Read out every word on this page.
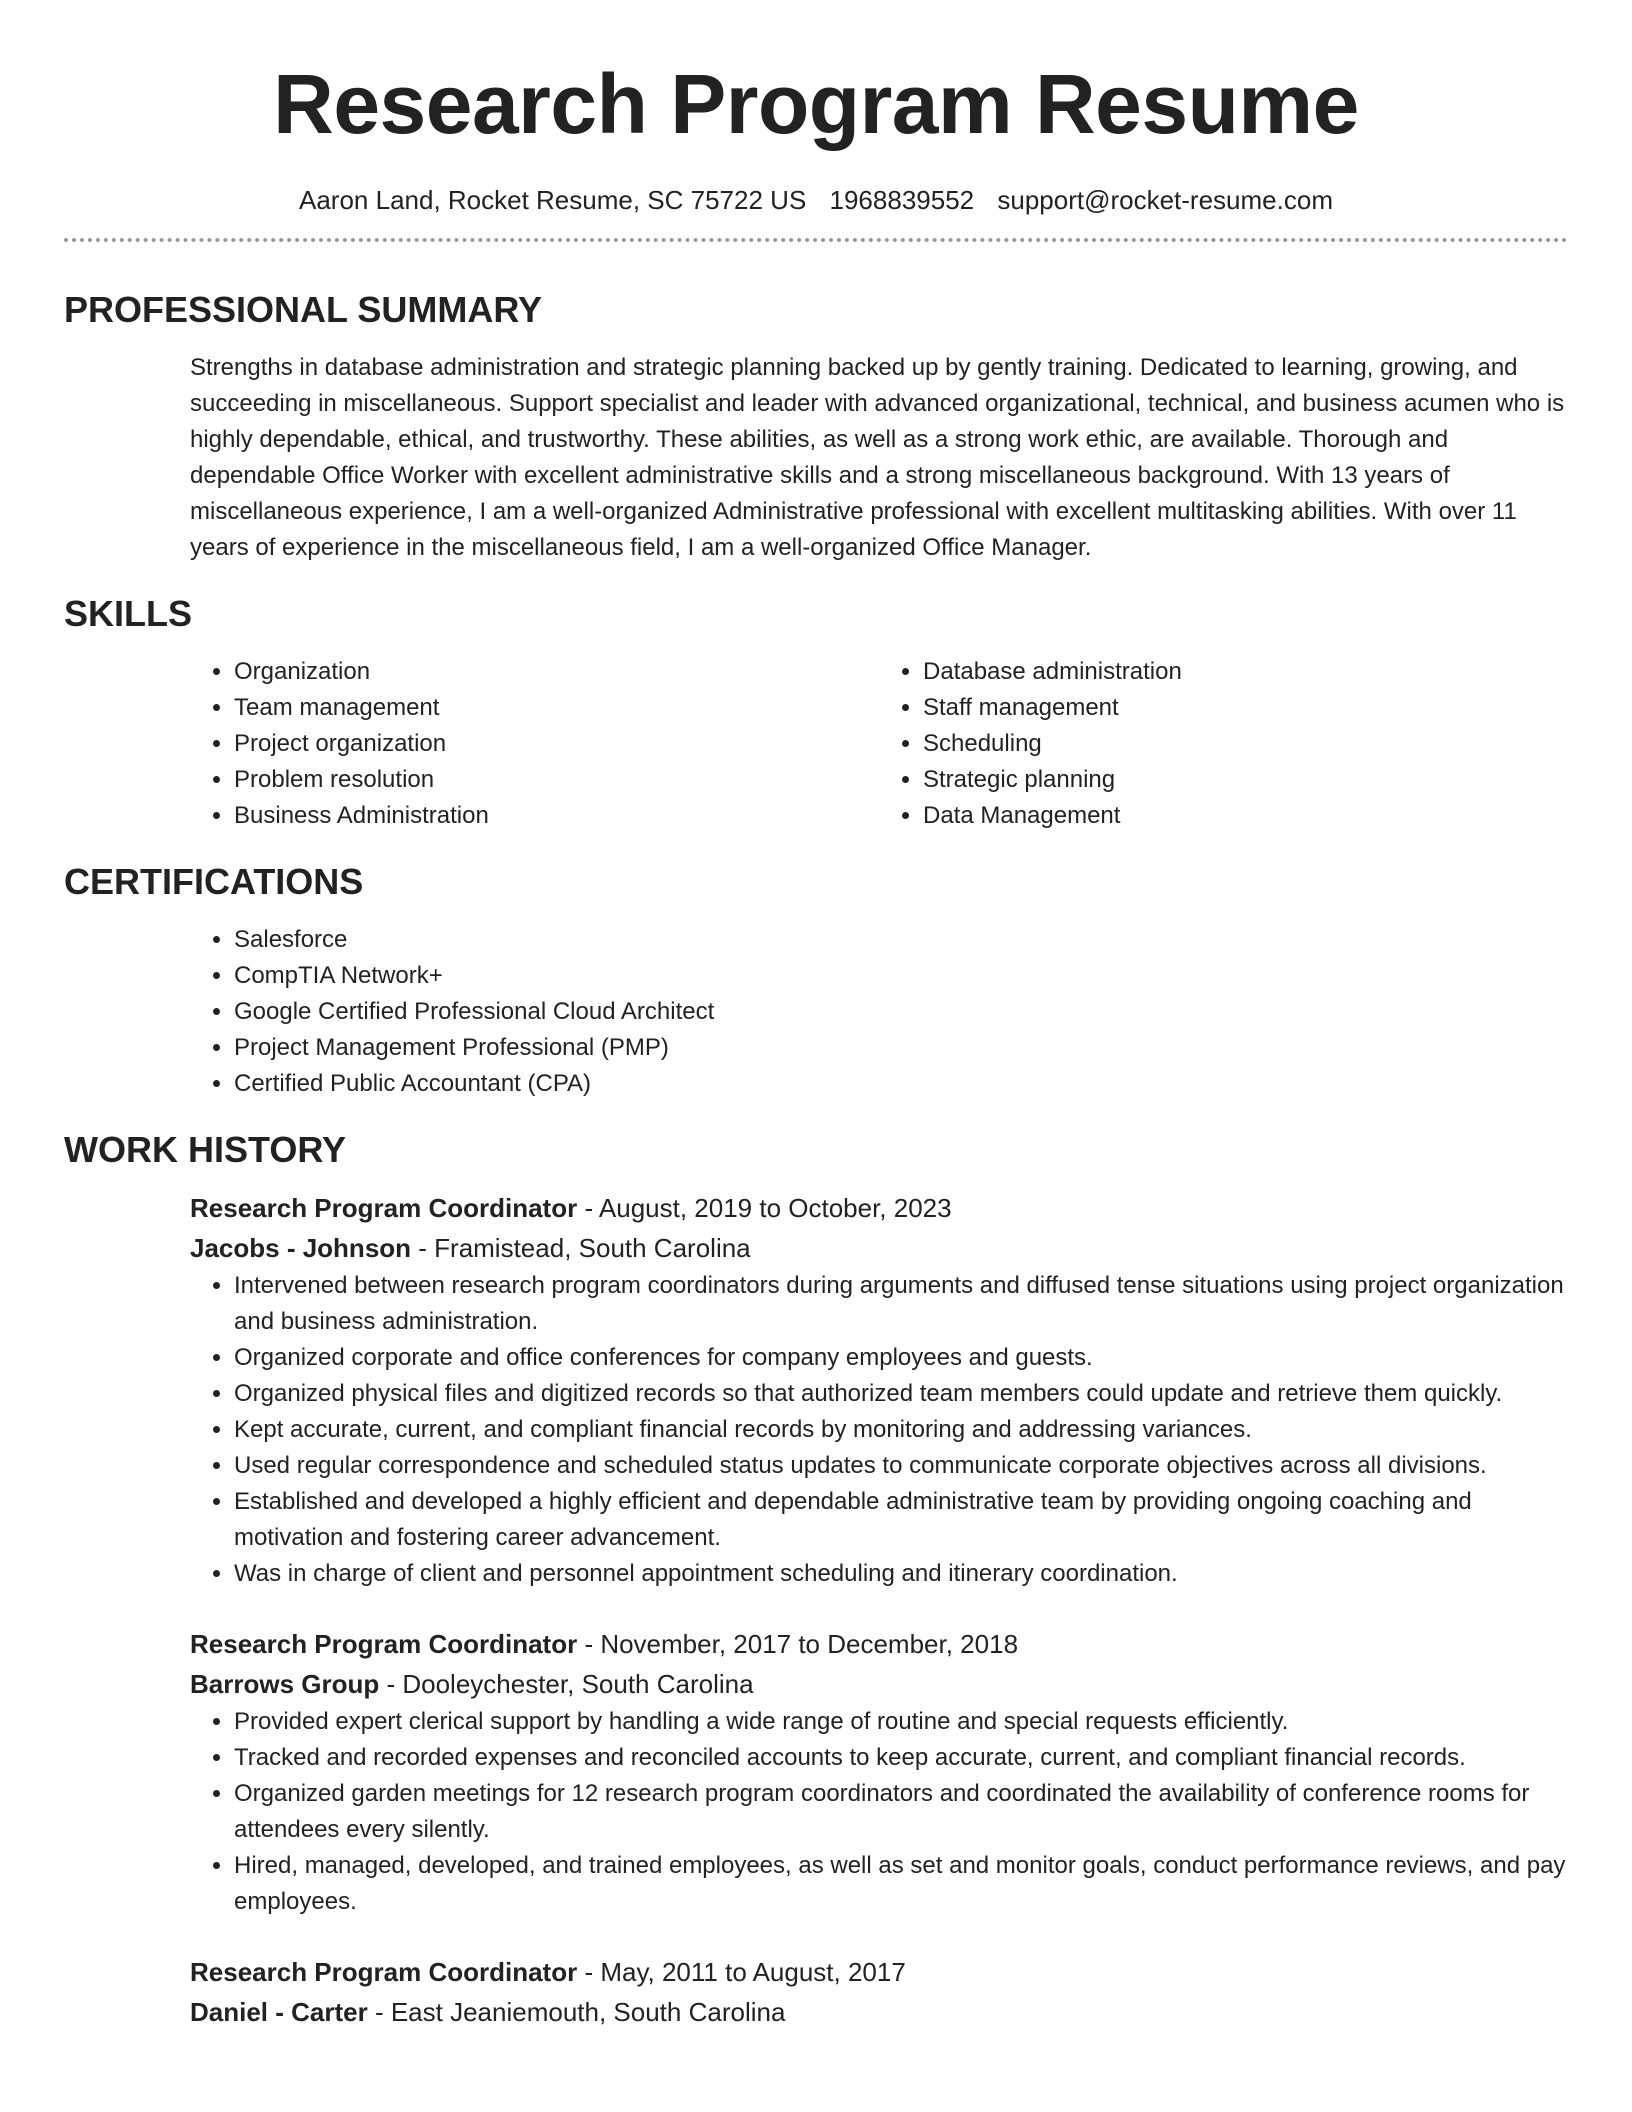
Research Program Resume
Aaron Land, Rocket Resume, SC 75722 US 1968839552 support@rocket-resume.com
PROFESSIONAL SUMMARY
Strengths in database administration and strategic planning backed up by gently training. Dedicated to learning, growing, and succeeding in miscellaneous. Support specialist and leader with advanced organizational, technical, and business acumen who is highly dependable, ethical, and trustworthy. These abilities, as well as a strong work ethic, are available. Thorough and dependable Office Worker with excellent administrative skills and a strong miscellaneous background. With 13 years of miscellaneous experience, I am a well-organized Administrative professional with excellent multitasking abilities. With over 11 years of experience in the miscellaneous field, I am a well-organized Office Manager.
SKILLS
• Organization
• Team management
• Project organization
• Problem resolution
• Business Administration
• Database administration
• Staff management
• Scheduling
• Strategic planning
• Data Management
CERTIFICATIONS
• Salesforce
• CompTIA Network+
• Google Certified Professional Cloud Architect
• Project Management Professional (PMP)
• Certified Public Accountant (CPA)
WORK HISTORY
Research Program Coordinator - August, 2019 to October, 2023
Jacobs - Johnson - Framistead, South Carolina
• Intervened between research program coordinators during arguments and diffused tense situations using project organization and business administration.
• Organized corporate and office conferences for company employees and guests.
• Organized physical files and digitized records so that authorized team members could update and retrieve them quickly.
• Kept accurate, current, and compliant financial records by monitoring and addressing variances.
• Used regular correspondence and scheduled status updates to communicate corporate objectives across all divisions.
• Established and developed a highly efficient and dependable administrative team by providing ongoing coaching and motivation and fostering career advancement.
• Was in charge of client and personnel appointment scheduling and itinerary coordination.
Research Program Coordinator - November, 2017 to December, 2018
Barrows Group - Dooleychester, South Carolina
• Provided expert clerical support by handling a wide range of routine and special requests efficiently.
• Tracked and recorded expenses and reconciled accounts to keep accurate, current, and compliant financial records.
• Organized garden meetings for 12 research program coordinators and coordinated the availability of conference rooms for attendees every silently.
• Hired, managed, developed, and trained employees, as well as set and monitor goals, conduct performance reviews, and pay employees.
Research Program Coordinator - May, 2011 to August, 2017
Daniel - Carter - East Jeaniemouth, South Carolina
